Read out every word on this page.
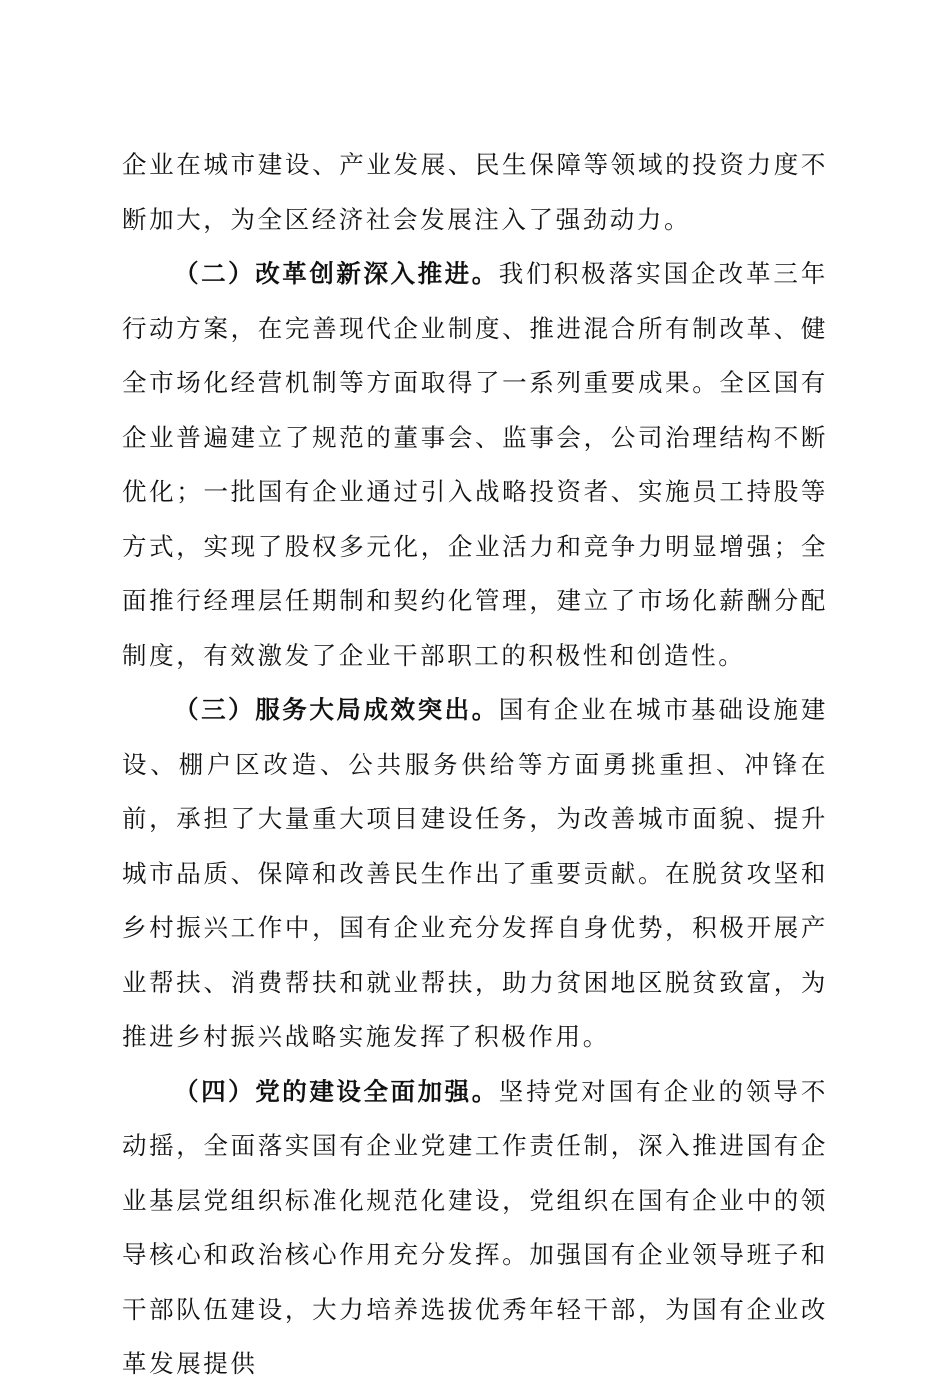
企业在城市建设、产业发展、民生保障等领域的投资力度不断加大，为全区经济社会发展注入了强劲动力。

（二）改革创新深入推进。我们积极落实国企改革三年行动方案，在完善现代企业制度、推进混合所有制改革、健全市场化经营机制等方面取得了一系列重要成果。全区国有企业普遍建立了规范的董事会、监事会，公司治理结构不断优化；一批国有企业通过引入战略投资者、实施员工持股等方式，实现了股权多元化，企业活力和竞争力明显增强；全面推行经理层任期制和契约化管理，建立了市场化薪酬分配制度，有效激发了企业干部职工的积极性和创造性。

（三）服务大局成效突出。国有企业在城市基础设施建设、棚户区改造、公共服务供给等方面勇挑重担、冲锋在前，承担了大量重大项目建设任务，为改善城市面貌、提升城市品质、保障和改善民生作出了重要贡献。在脱贫攻坚和乡村振兴工作中，国有企业充分发挥自身优势，积极开展产业帮扶、消费帮扶和就业帮扶，助力贫困地区脱贫致富，为推进乡村振兴战略实施发挥了积极作用。

（四）党的建设全面加强。坚持党对国有企业的领导不动摇，全面落实国有企业党建工作责任制，深入推进国有企业基层党组织标准化规范化建设，党组织在国有企业中的领导核心和政治核心作用充分发挥。加强国有企业领导班子和干部队伍建设，大力培养选拔优秀年轻干部，为国有企业改革发展提供
